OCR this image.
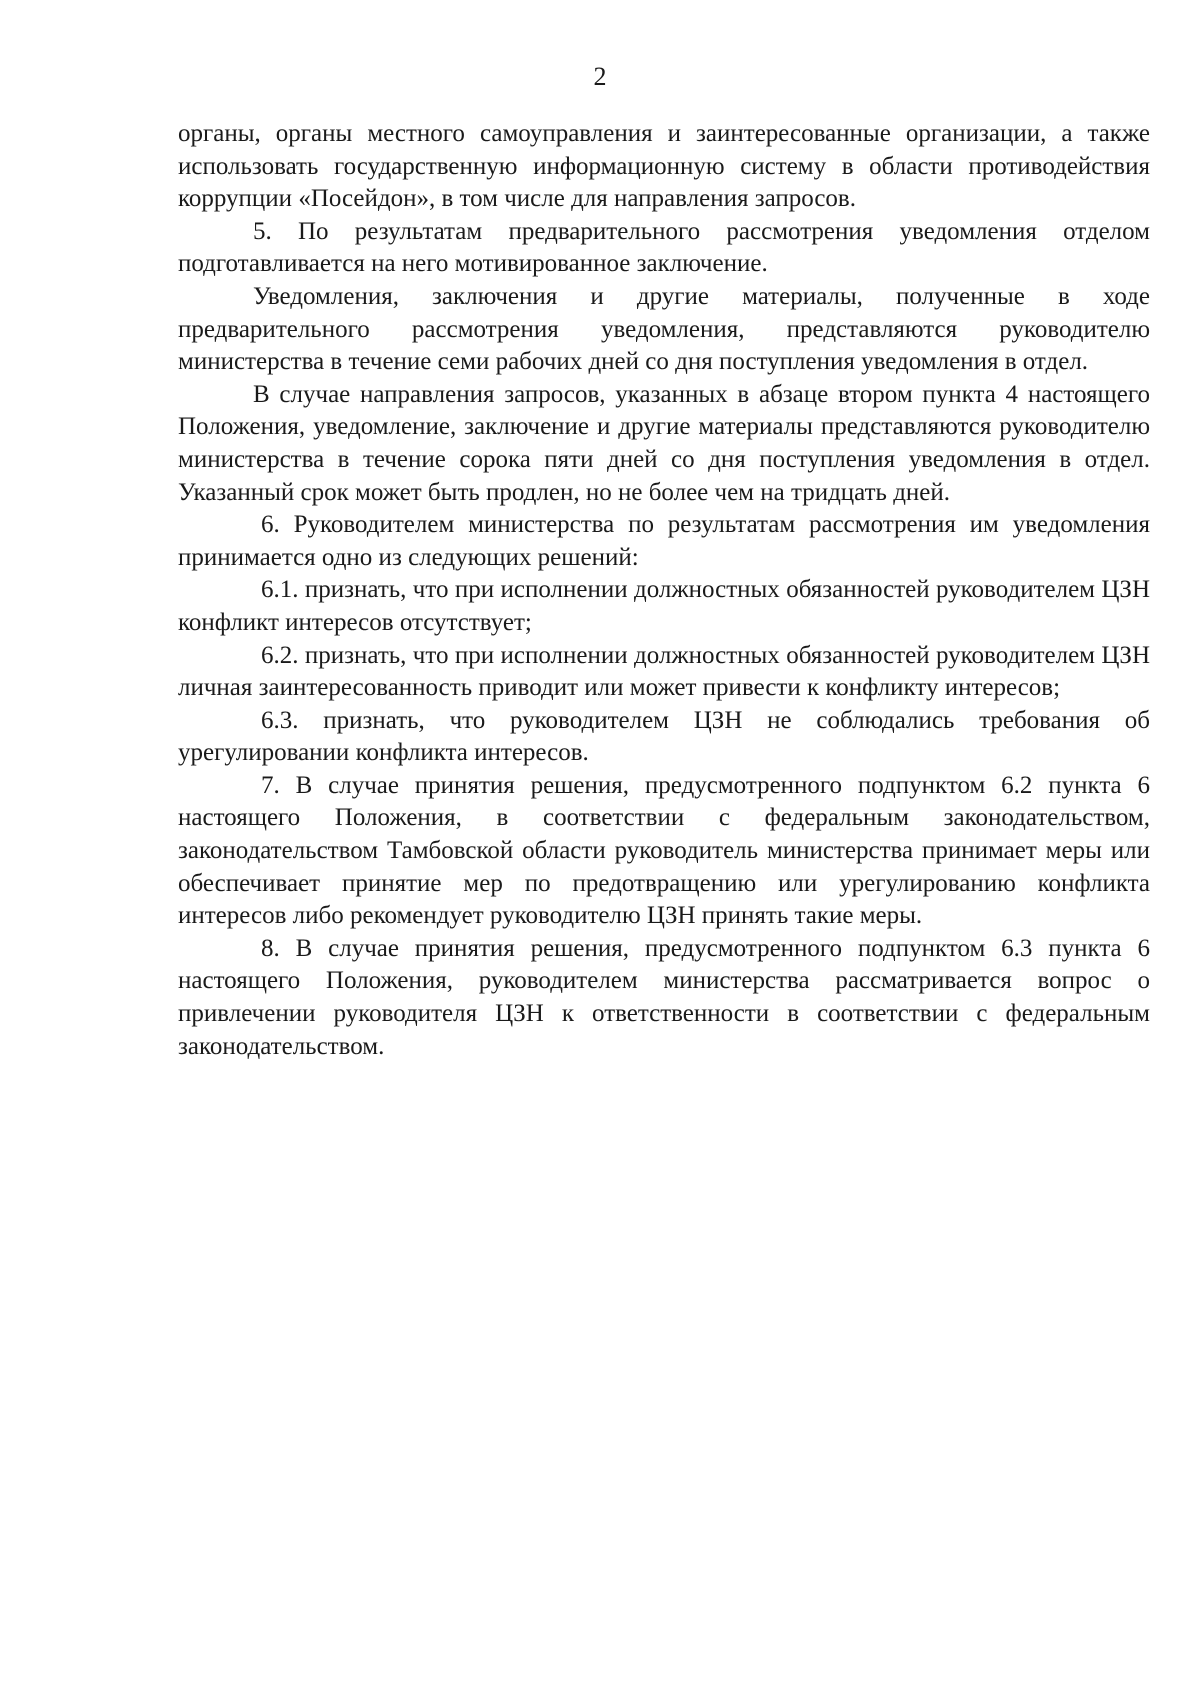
2

органы, органы местного самоуправления и заинтересованные организации, а также использовать государственную информационную систему в области противодействия коррупции «Посейдон», в том числе для направления запросов.

5. По результатам предварительного рассмотрения уведомления отделом подготавливается на него мотивированное заключение.

Уведомления, заключения и другие материалы, полученные в ходе предварительного рассмотрения уведомления, представляются руководителю министерства в течение семи рабочих дней со дня поступления уведомления в отдел.

В случае направления запросов, указанных в абзаце втором пункта 4 настоящего Положения, уведомление, заключение и другие материалы представляются руководителю министерства в течение сорока пяти дней со дня поступления уведомления в отдел. Указанный срок может быть продлен, но не более чем на тридцать дней.

6. Руководителем министерства по результатам рассмотрения им уведомления принимается одно из следующих решений:

6.1. признать, что при исполнении должностных обязанностей руководителем ЦЗН конфликт интересов отсутствует;

6.2. признать, что при исполнении должностных обязанностей руководителем ЦЗН личная заинтересованность приводит или может привести к конфликту интересов;

6.3. признать, что руководителем ЦЗН не соблюдались требования об урегулировании конфликта интересов.

7. В случае принятия решения, предусмотренного подпунктом 6.2 пункта 6 настоящего Положения, в соответствии с федеральным законодательством, законодательством Тамбовской области руководитель министерства принимает меры или обеспечивает принятие мер по предотвращению или урегулированию конфликта интересов либо рекомендует руководителю ЦЗН принять такие меры.

8. В случае принятия решения, предусмотренного подпунктом 6.3 пункта 6 настоящего Положения, руководителем министерства рассматривается вопрос о привлечении руководителя ЦЗН к ответственности в соответствии с федеральным законодательством.
